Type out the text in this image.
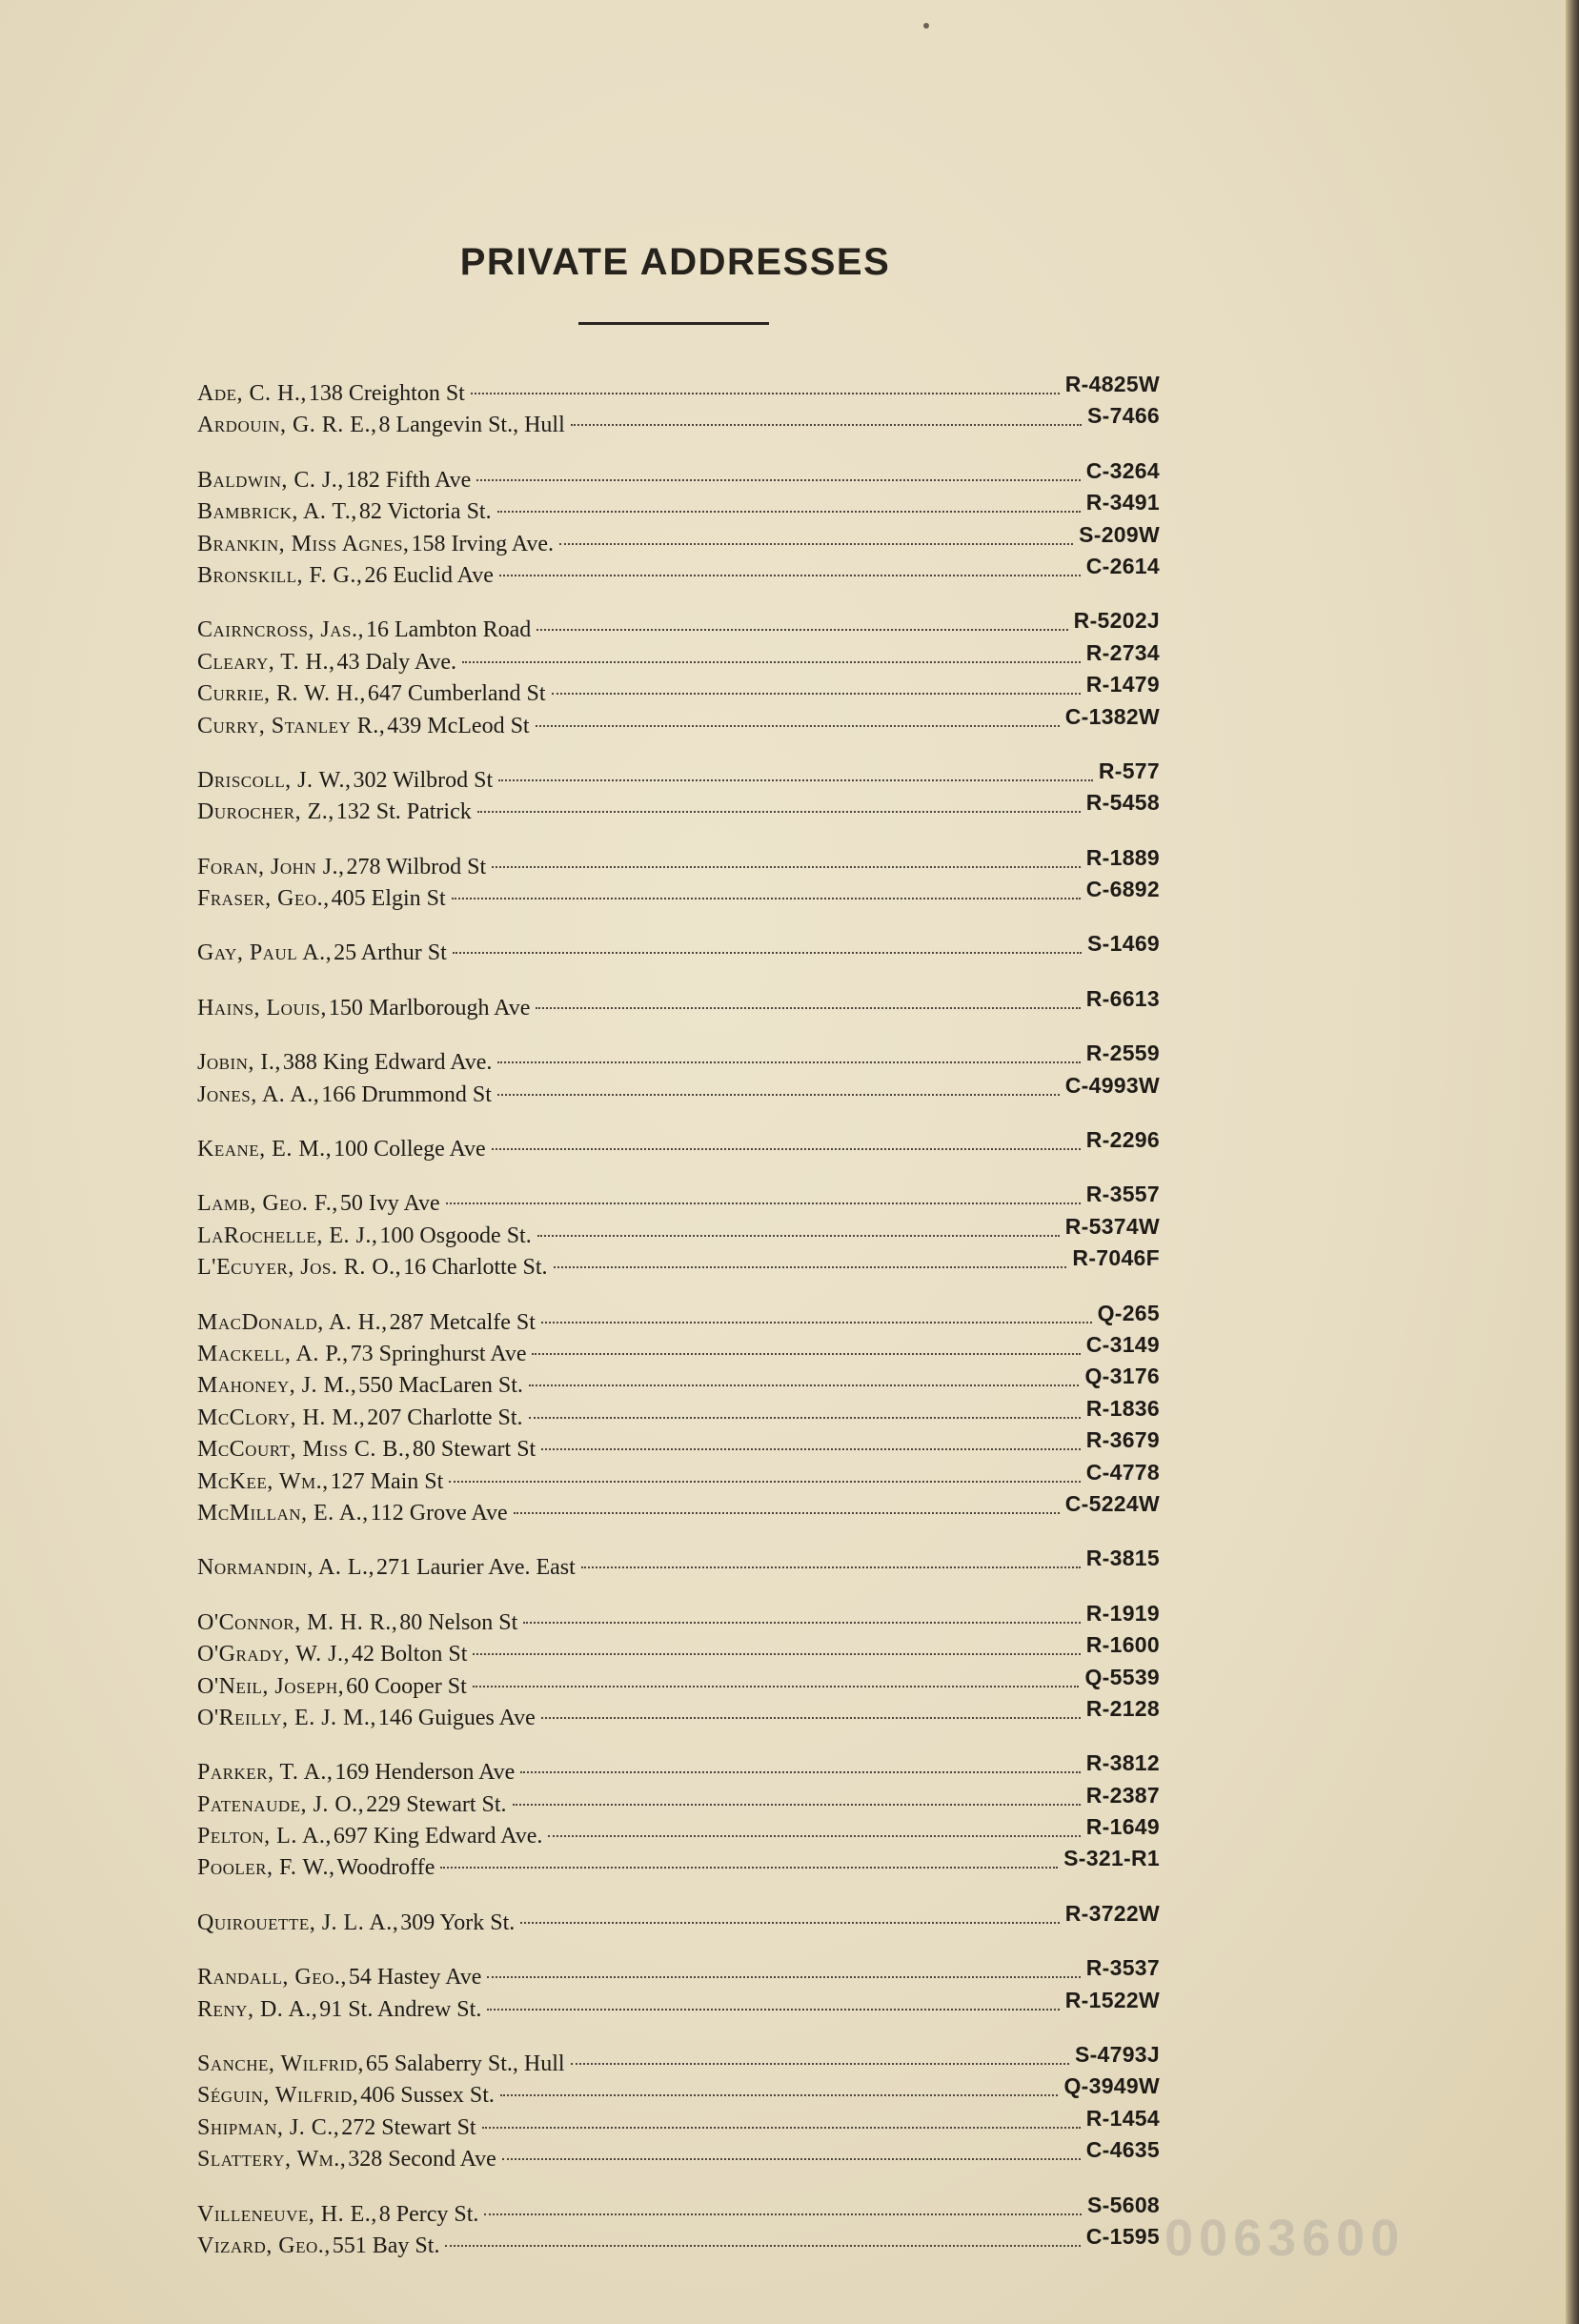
PRIVATE ADDRESSES
Ade, C. H., 138 Creighton St	R-4825W
Ardouin, G. R. E., 8 Langevin St., Hull	S-7466
Baldwin, C. J., 182 Fifth Ave	C-3264
Bambrick, A. T., 82 Victoria St.	R-3491
Brankin, Miss Agnes, 158 Irving Ave.	S-209W
Bronskill, F. G., 26 Euclid Ave	C-2614
Cairncross, Jas., 16 Lambton Road	R-5202J
Cleary, T. H., 43 Daly Ave.	R-2734
Currie, R. W. H., 647 Cumberland St	R-1479
Curry, Stanley R., 439 McLeod St	C-1382W
Driscoll, J. W., 302 Wilbrod St	R-577
Durocher, Z., 132 St. Patrick	R-5458
Foran, John J., 278 Wilbrod St	R-1889
Fraser, Geo., 405 Elgin St	C-6892
Gay, Paul A., 25 Arthur St	S-1469
Hains, Louis, 150 Marlborough Ave	R-6613
Jobin, I., 388 King Edward Ave.	R-2559
Jones, A. A., 166 Drummond St	C-4993W
Keane, E. M., 100 College Ave	R-2296
Lamb, Geo. F., 50 Ivy Ave	R-3557
LaRochelle, E. J., 100 Osgoode St.	R-5374W
L'Ecuyer, Jos. R. O., 16 Charlotte St.	R-7046F
MacDonald, A. H., 287 Metcalfe St	Q-265
Mackell, A. P., 73 Springhurst Ave	C-3149
Mahoney, J. M., 550 MacLaren St.	Q-3176
McClory, H. M., 207 Charlotte St.	R-1836
McCourt, Miss C. B., 80 Stewart St	R-3679
McKee, Wm., 127 Main St	C-4778
McMillan, E. A., 112 Grove Ave	C-5224W
Normandin, A. L., 271 Laurier Ave. East	R-3815
O'Connor, M. H. R., 80 Nelson St	R-1919
O'Grady, W. J., 42 Bolton St	R-1600
O'Neil, Joseph, 60 Cooper St	Q-5539
O'Reilly, E. J. M., 146 Guigues Ave	R-2128
Parker, T. A., 169 Henderson Ave	R-3812
Patenaude, J. O., 229 Stewart St.	R-2387
Pelton, L. A., 697 King Edward Ave.	R-1649
Pooler, F. W., Woodroffe	S-321-R1
Quirouette, J. L. A., 309 York St.	R-3722W
Randall, Geo., 54 Hastey Ave	R-3537
Reny, D. A., 91 St. Andrew St.	R-1522W
Sanche, Wilfrid, 65 Salaberry St., Hull	S-4793J
Séguin, Wilfrid, 406 Sussex St.	Q-3949W
Shipman, J. C., 272 Stewart St	R-1454
Slattery, Wm., 328 Second Ave	C-4635
Villeneuve, H. E., 8 Percy St.	S-5608
Vizard, Geo., 551 Bay St.	C-1595 0063600
